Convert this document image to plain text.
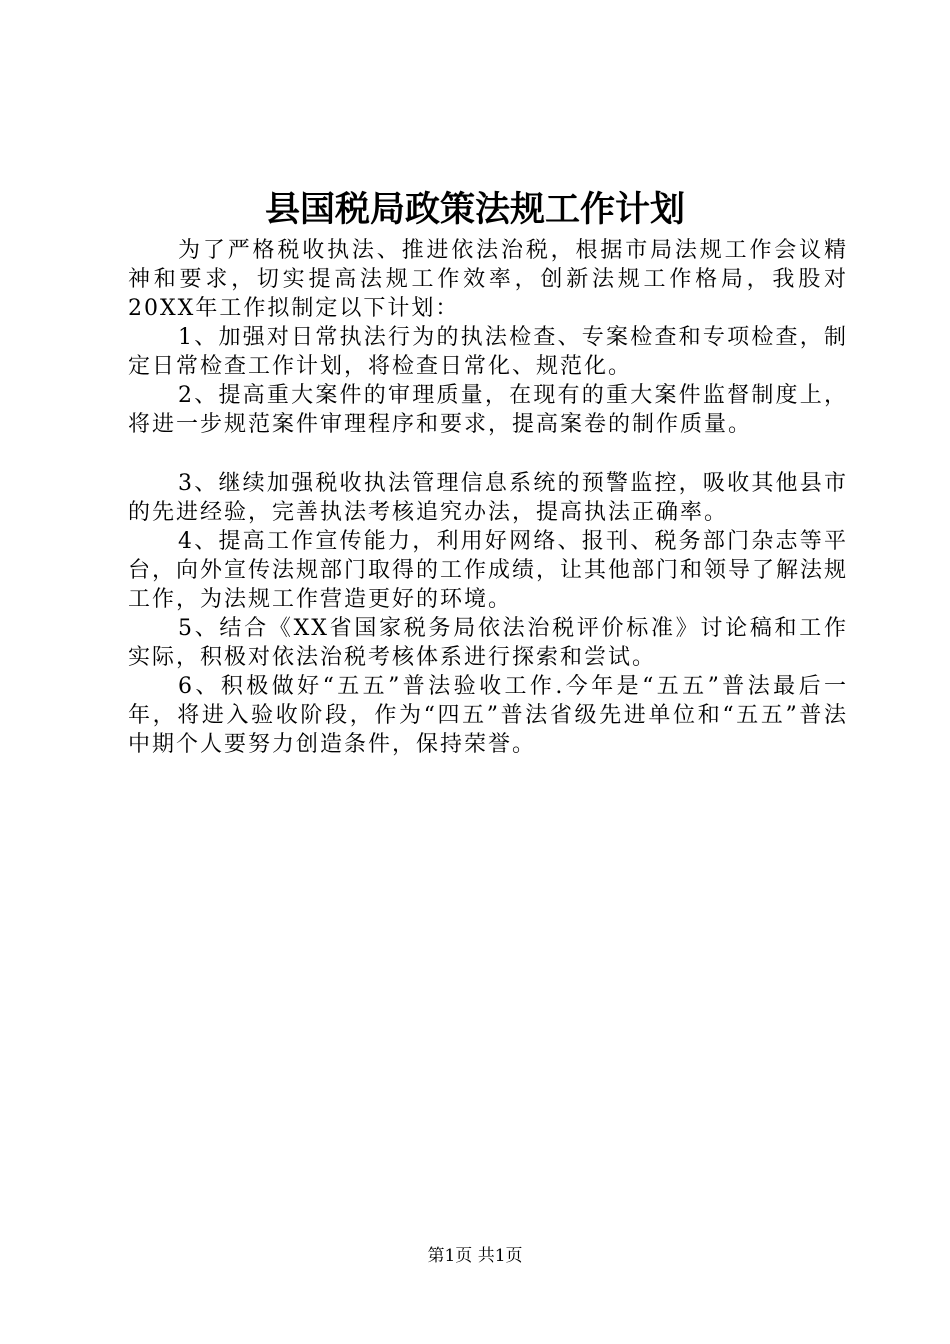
县国税局政策法规工作计划

为了严格税收执法、推进依法治税，根据市局法规工作会议精神和要求，切实提高法规工作效率，创新法规工作格局，我股对20XX年工作拟制定以下计划：

1、加强对日常执法行为的执法检查、专案检查和专项检查，制定日常检查工作计划，将检查日常化、规范化。

2、提高重大案件的审理质量，在现有的重大案件监督制度上，将进一步规范案件审理程序和要求，提高案卷的制作质量。

3、继续加强税收执法管理信息系统的预警监控，吸收其他县市的先进经验，完善执法考核追究办法，提高执法正确率。

4、提高工作宣传能力，利用好网络、报刊、税务部门杂志等平台，向外宣传法规部门取得的工作成绩，让其他部门和领导了解法规工作，为法规工作营造更好的环境。

5、结合《XX省国家税务局依法治税评价标准》讨论稿和工作实际，积极对依法治税考核体系进行探索和尝试。

6、积极做好“五五”普法验收工作.今年是“五五”普法最后一年，将进入验收阶段，作为“四五”普法省级先进单位和“五五”普法中期个人要努力创造条件，保持荣誉。

第1页 共1页
